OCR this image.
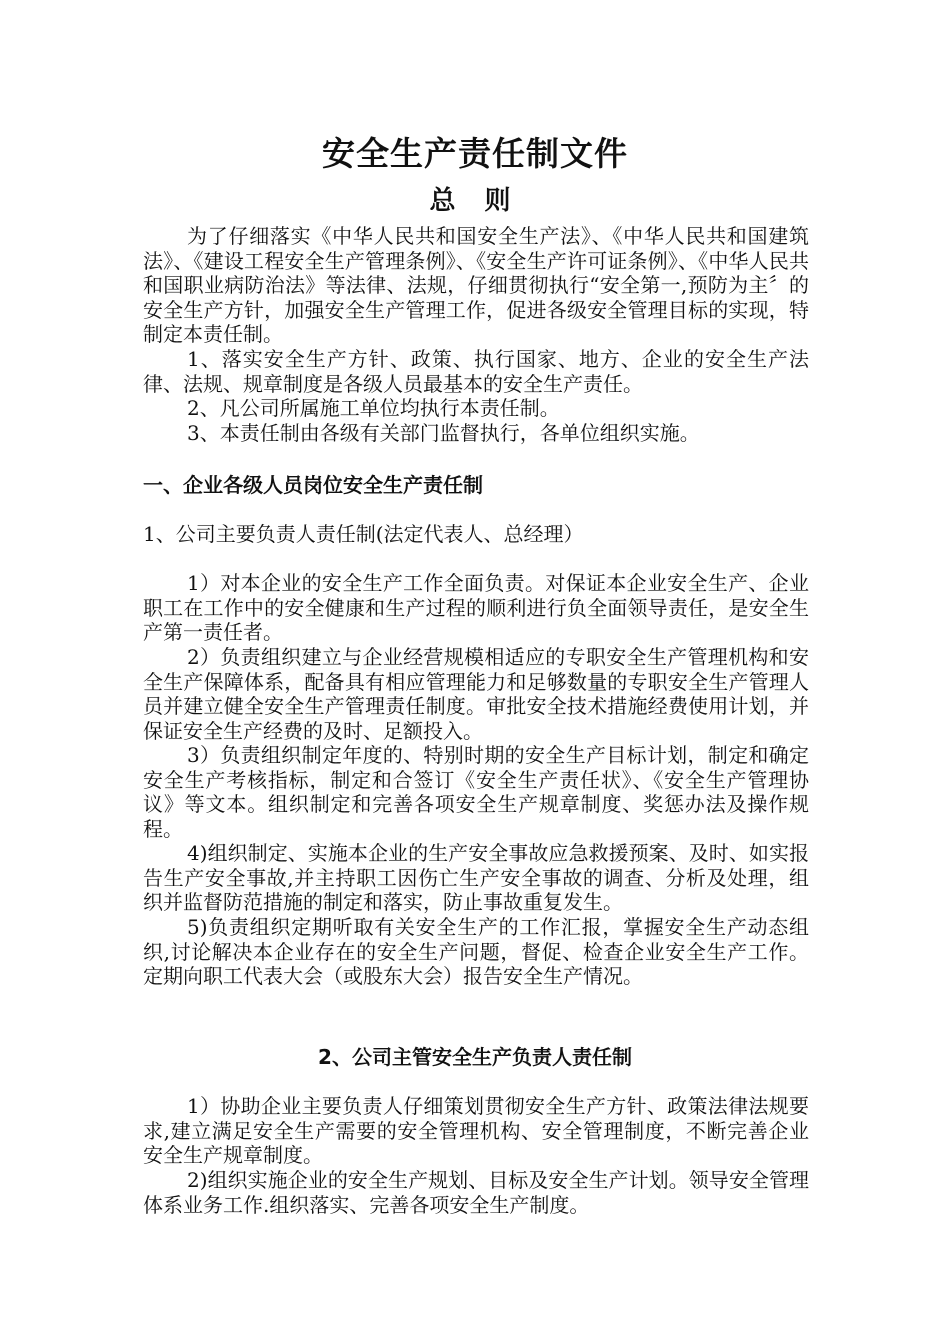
安全生产责任制文件
总 则

为了仔细落实《中华人民共和国安全生产法》、《中华人民共和国建筑法》、《建设工程安全生产管理条例》、《安全生产许可证条例》、《中华人民共和国职业病防治法》等法律、法规，仔细贯彻执行“安全第一,预防为主〞的安全生产方针，加强安全生产管理工作，促进各级安全管理目标的实现，特制定本责任制。

1、落实安全生产方针、政策、执行国家、地方、企业的安全生产法律、法规、规章制度是各级人员最基本的安全生产责任。

2、凡公司所属施工单位均执行本责任制。

3、本责任制由各级有关部门监督执行，各单位组织实施。

一、企业各级人员岗位安全生产责任制

1、公司主要负责人责任制(法定代表人、总经理）

1）对本企业的安全生产工作全面负责。对保证本企业安全生产、企业职工在工作中的安全健康和生产过程的顺利进行负全面领导责任，是安全生产第一责任者。

2）负责组织建立与企业经营规模相适应的专职安全生产管理机构和安全生产保障体系，配备具有相应管理能力和足够数量的专职安全生产管理人员并建立健全安全生产管理责任制度。审批安全技术措施经费使用计划，并保证安全生产经费的及时、足额投入。

3）负责组织制定年度的、特别时期的安全生产目标计划，制定和确定安全生产考核指标，制定和合签订《安全生产责任状》、《安全生产管理协议》等文本。组织制定和完善各项安全生产规章制度、奖惩办法及操作规程。

4)组织制定、实施本企业的生产安全事故应急救援预案、及时、如实报告生产安全事故,并主持职工因伤亡生产安全事故的调查、分析及处理，组织并监督防范措施的制定和落实，防止事故重复发生。

5)负责组织定期听取有关安全生产的工作汇报，掌握安全生产动态组织,讨论解决本企业存在的安全生产问题，督促、检查企业安全生产工作。定期向职工代表大会（或股东大会）报告安全生产情况。

2、公司主管安全生产负责人责任制

1）协助企业主要负责人仔细策划贯彻安全生产方针、政策法律法规要求,建立满足安全生产需要的安全管理机构、安全管理制度，不断完善企业安全生产规章制度。

2)组织实施企业的安全生产规划、目标及安全生产计划。领导安全管理体系业务工作.组织落实、完善各项安全生产制度。
